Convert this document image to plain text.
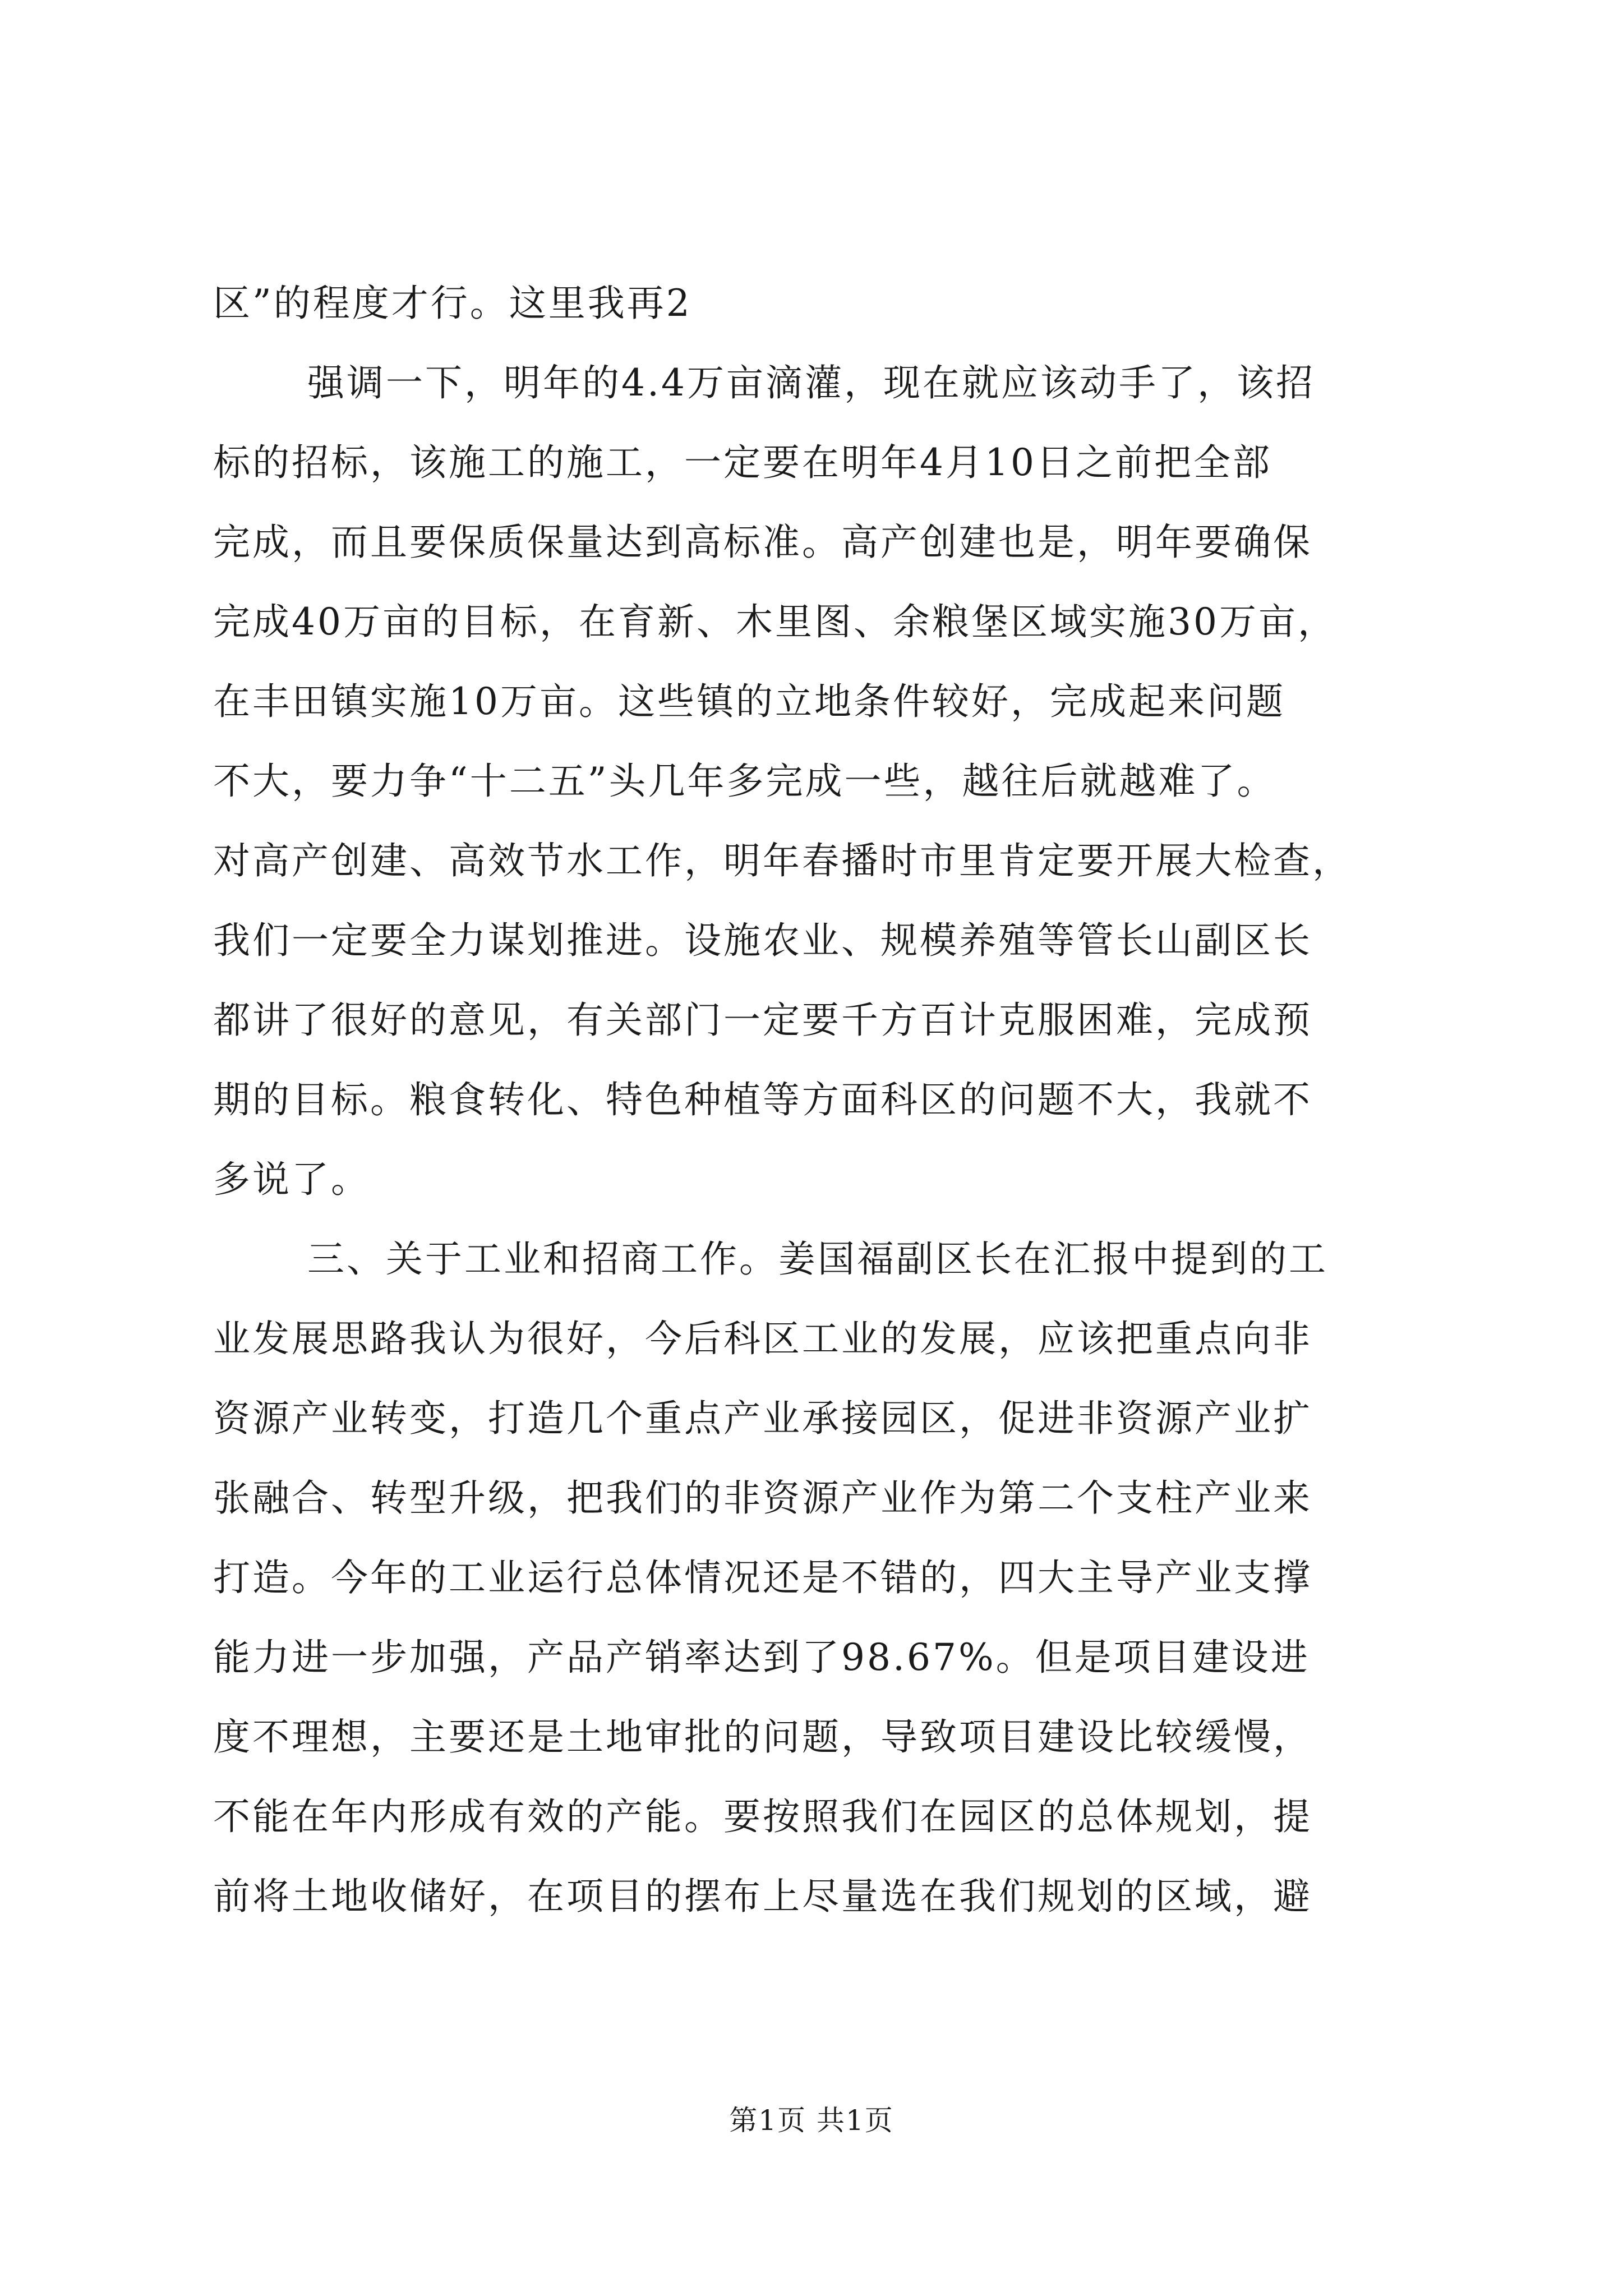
区”的程度才行。这里我再2
强调一下，明年的4.4万亩滴灌，现在就应该动手了，该招
标的招标，该施工的施工，一定要在明年4月10日之前把全部
完成，而且要保质保量达到高标准。高产创建也是，明年要确保
完成40万亩的目标，在育新、木里图、余粮堡区域实施30万亩，
在丰田镇实施10万亩。这些镇的立地条件较好，完成起来问题
不大，要力争“十二五”头几年多完成一些，越往后就越难了。
对高产创建、高效节水工作，明年春播时市里肯定要开展大检查，
我们一定要全力谋划推进。设施农业、规模养殖等管长山副区长
都讲了很好的意见，有关部门一定要千方百计克服困难，完成预
期的目标。粮食转化、特色种植等方面科区的问题不大，我就不
多说了。
三、关于工业和招商工作。姜国福副区长在汇报中提到的工
业发展思路我认为很好，今后科区工业的发展，应该把重点向非
资源产业转变，打造几个重点产业承接园区，促进非资源产业扩
张融合、转型升级，把我们的非资源产业作为第二个支柱产业来
打造。今年的工业运行总体情况还是不错的，四大主导产业支撑
能力进一步加强，产品产销率达到了98.67%。但是项目建设进
度不理想，主要还是土地审批的问题，导致项目建设比较缓慢，
不能在年内形成有效的产能。要按照我们在园区的总体规划，提
前将土地收储好，在项目的摆布上尽量选在我们规划的区域，避
第1页 共1页
